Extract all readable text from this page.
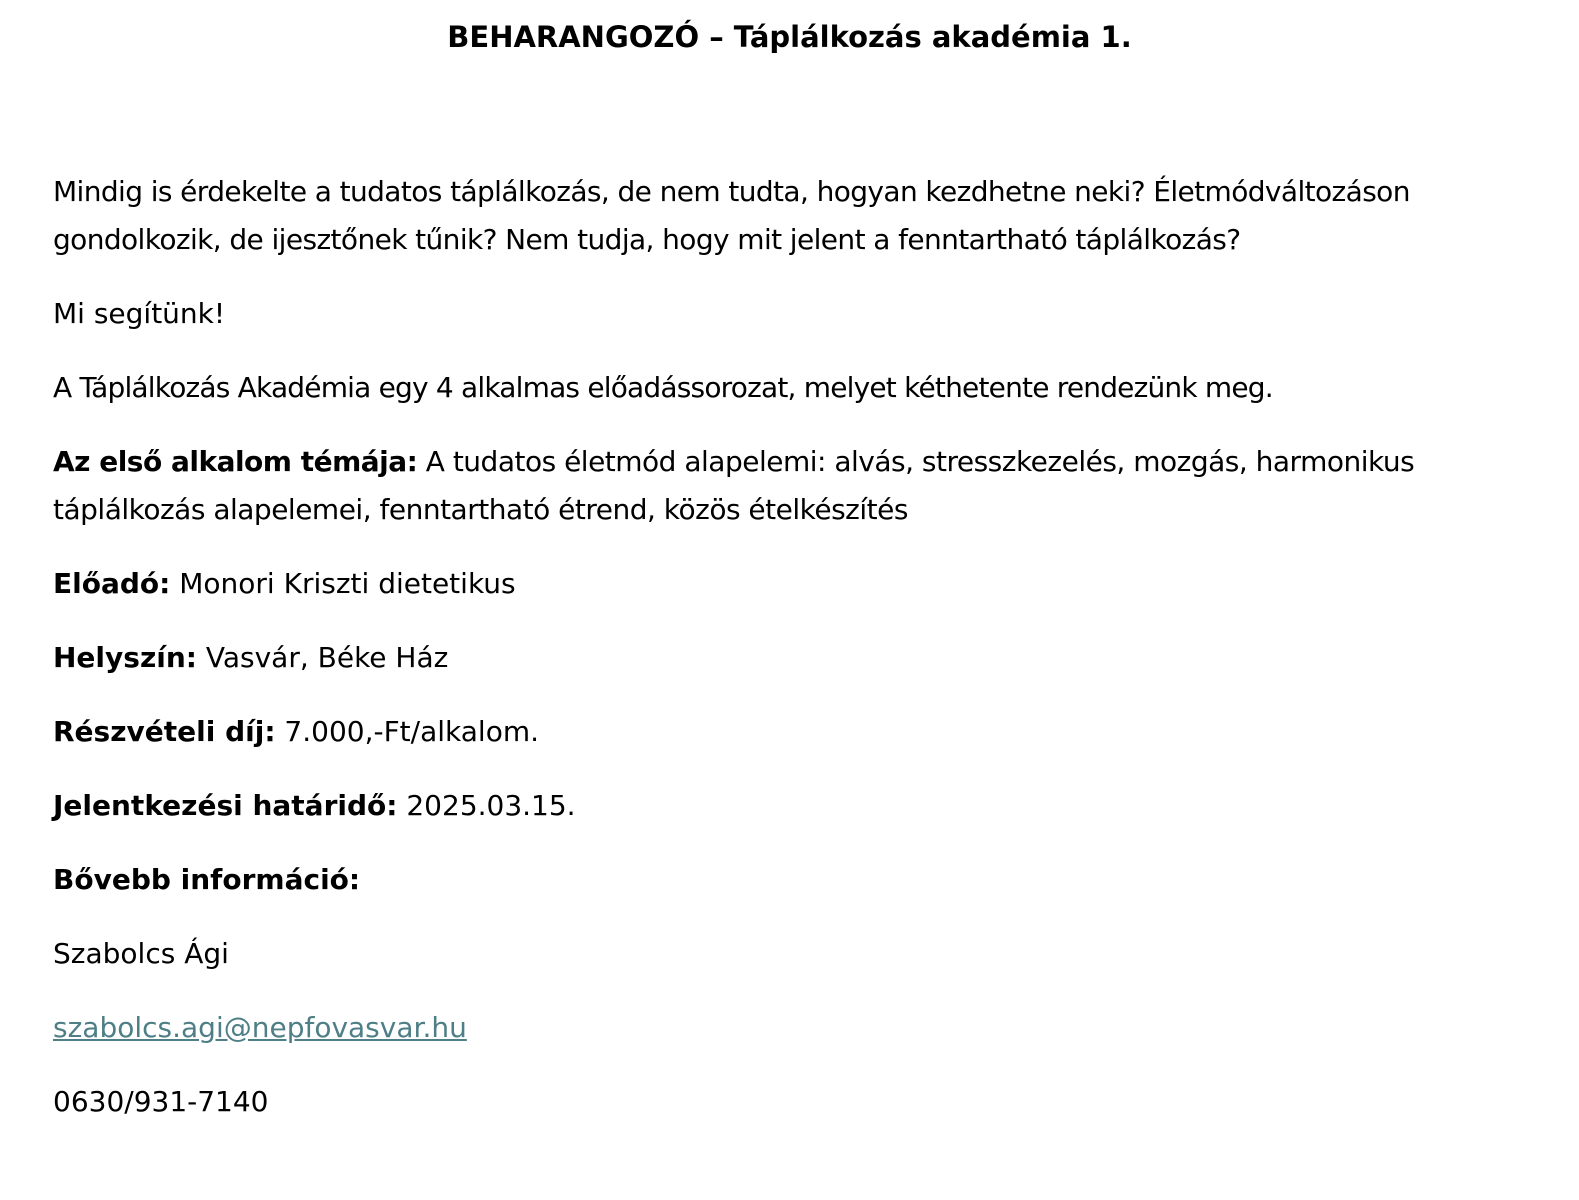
BEHARANGOZÓ – Táplálkozás akadémia 1.

Mindig is érdekelte a tudatos táplálkozás, de nem tudta, hogyan kezdhetne neki? Életmódváltozáson gondolkozik, de ijesztőnek tűnik? Nem tudja, hogy mit jelent a fenntartható táplálkozás?

Mi segítünk!

A Táplálkozás Akadémia egy 4 alkalmas előadássorozat, melyet kéthetente rendezünk meg.

Az első alkalom témája: A tudatos életmód alapelemi: alvás, stresszkezelés, mozgás, harmonikus táplálkozás alapelemei, fenntartható étrend, közös ételkészítés

Előadó: Monori Kriszti dietetikus

Helyszín: Vasvár, Béke Ház

Részvételi díj: 7.000,-Ft/alkalom.

Jelentkezési határidő: 2025.03.15.

Bővebb információ:

Szabolcs Ági

szabolcs.agi@nepfovasvar.hu

0630/931-7140
